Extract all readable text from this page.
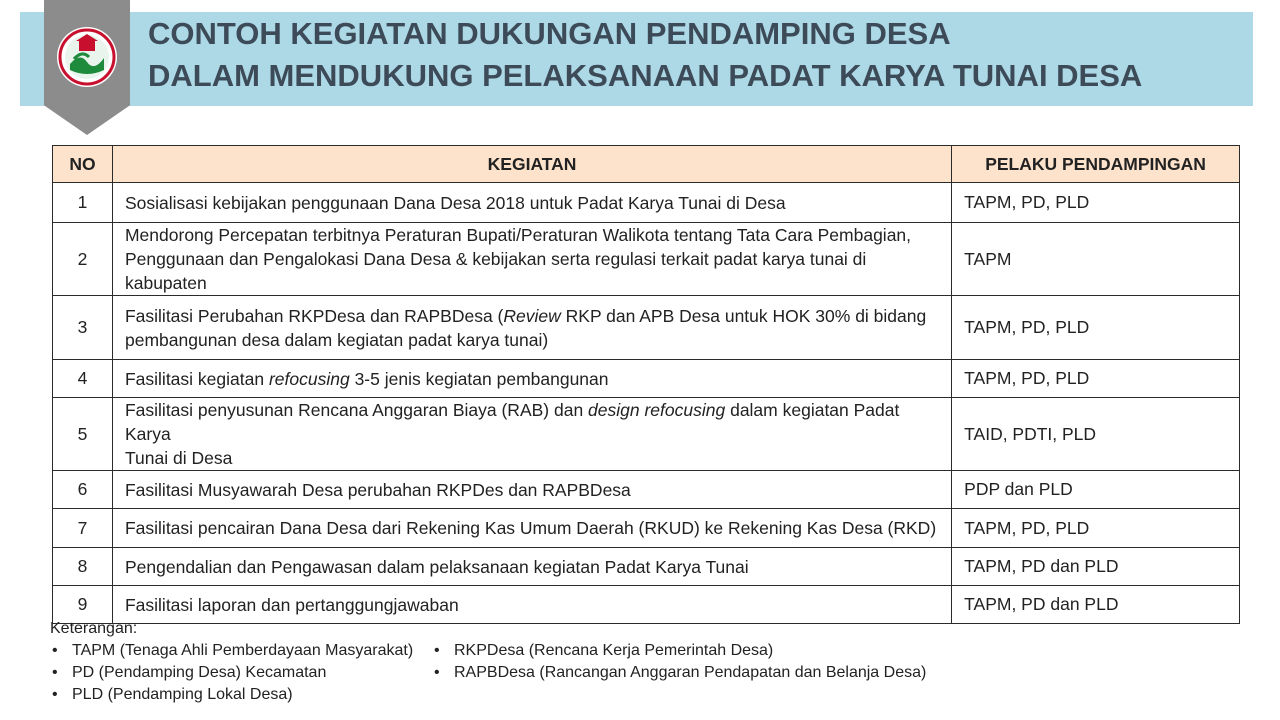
CONTOH KEGIATAN DUKUNGAN PENDAMPING DESA
DALAM MENDUKUNG PELAKSANAAN PADAT KARYA TUNAI DESA
NO	KEGIATAN	PELAKU PENDAMPINGAN
1	Sosialisasi kebijakan penggunaan Dana Desa 2018 untuk Padat Karya Tunai di Desa	TAPM, PD, PLD
2	Mendorong Percepatan terbitnya Peraturan Bupati/Peraturan Walikota tentang Tata Cara Pembagian,
Penggunaan dan Pengalokasi Dana Desa & kebijakan serta regulasi terkait padat karya tunai di kabupaten	TAPM
3	Fasilitasi Perubahan RKPDesa dan RAPBDesa (Review RKP dan APB Desa untuk HOK 30% di bidang
pembangunan desa dalam kegiatan padat karya tunai)	TAPM, PD, PLD
4	Fasilitasi kegiatan refocusing 3-5 jenis kegiatan pembangunan	TAPM, PD, PLD
5	Fasilitasi penyusunan Rencana Anggaran Biaya (RAB) dan design refocusing dalam kegiatan Padat Karya
Tunai di Desa	TAID, PDTI, PLD
6	Fasilitasi Musyawarah Desa perubahan RKPDes dan RAPBDesa	PDP dan PLD
7	Fasilitasi pencairan Dana Desa dari Rekening Kas Umum Daerah (RKUD) ke Rekening Kas Desa (RKD)	TAPM, PD, PLD
8	Pengendalian dan Pengawasan dalam pelaksanaan kegiatan Padat Karya Tunai	TAPM, PD dan PLD
9	Fasilitasi laporan dan pertanggungjawaban	TAPM, PD dan PLD
Keterangan:
• TAPM (Tenaga Ahli Pemberdayaan Masyarakat)
• PD (Pendamping Desa) Kecamatan
• PLD (Pendamping Lokal Desa)
• RKPDesa (Rencana Kerja Pemerintah Desa)
• RAPBDesa (Rancangan Anggaran Pendapatan dan Belanja Desa)
